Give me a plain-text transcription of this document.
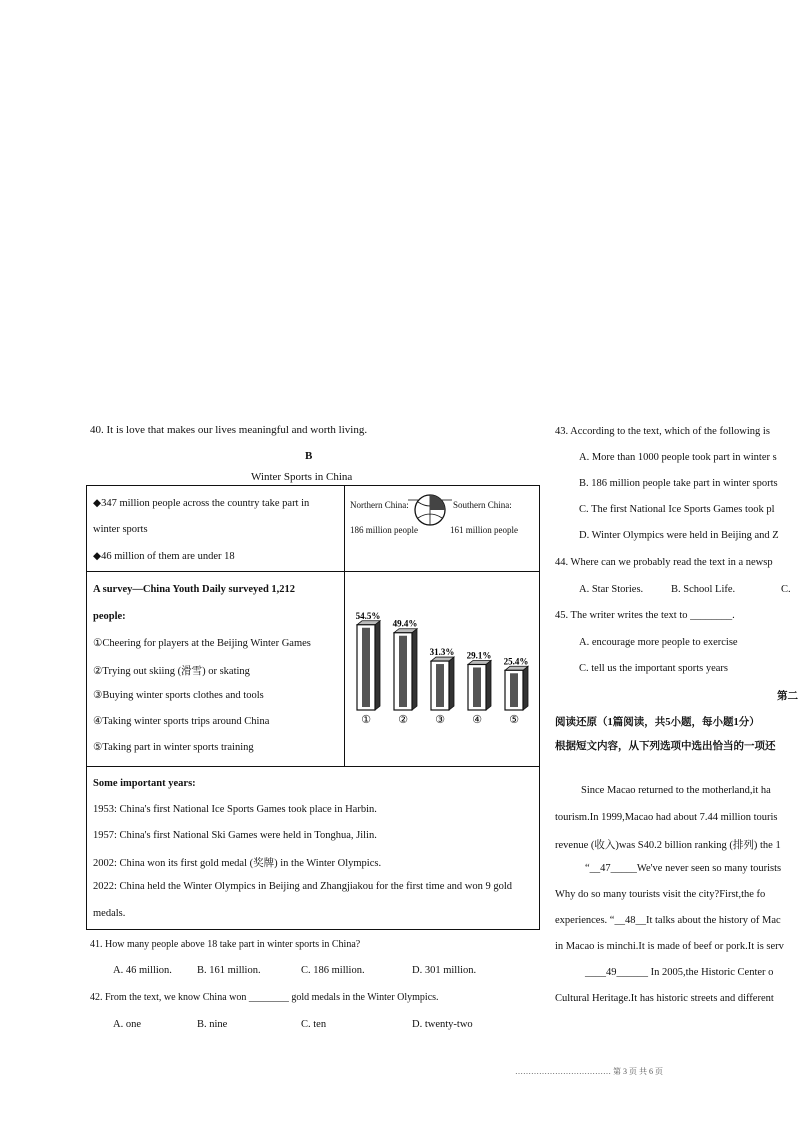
40. It is love that makes our lives meaningful and worth living.
B
Winter Sports in China
◆347 million people across the country take part in
winter sports
◆46 million of them are under 18
Northern China:
186 million people
Southern China:
161 million people
A survey—China Youth Daily surveyed 1,212
people:
①Cheering for players at the Beijing Winter Games
②Trying out skiing (滑雪) or skating
③Buying winter sports clothes and tools
④Taking winter sports trips around China
⑤Taking part in winter sports training
54.5%
①
49.4%
②
31.3%
③
29.1%
④
25.4%
⑤
Some important years:
1953: China's first National Ice Sports Games took place in Harbin.
1957: China's first National Ski Games were held in Tonghua, Jilin.
2002: China won its first gold medal (奖牌) in the Winter Olympics.
2022: China held the Winter Olympics in Beijing and Zhangjiakou for the first time and won 9 gold
medals.
41. How many people above 18 take part in winter sports in China?
A. 46 million. B. 161 million.	C. 186 million.	D. 301 million.
42. From the text, we know China won ________ gold medals in the Winter Olympics.
A. one	B. nine	C. ten	D. twenty-two
43. According to the text, which of the following is
A. More than 1000 people took part in winter s
B. 186 million people take part in winter sports
C. The first National Ice Sports Games took pl
D. Winter Olympics were held in Beijing and Z
44. Where can we probably read the text in a newsp
A. Star Stories.	B. School Life.	C.
45. The writer writes the text to ________.
A. encourage more people to exercise
C. tell us the important sports years
第二
阅读还原（1篇阅读，共5小题，每小题1分）
根据短文内容，从下列选项中选出恰当的一项还
Since Macao returned to the motherland,it ha
tourism.In 1999,Macao had about 7.44 million touris
revenue (收入)was S40.2 billion ranking (排列) the 1
“__47_____We've never seen so many tourists
Why do so many tourists visit the city?First,the fo
experiences. “__48__It talks about the history of Mac
in Macao is minchi.It is made of beef or pork.It is serv
____49______ In 2005,the Historic Center o
Cultural Heritage.It has historic streets and different
……………………………… 第 3 页 共 6 页
